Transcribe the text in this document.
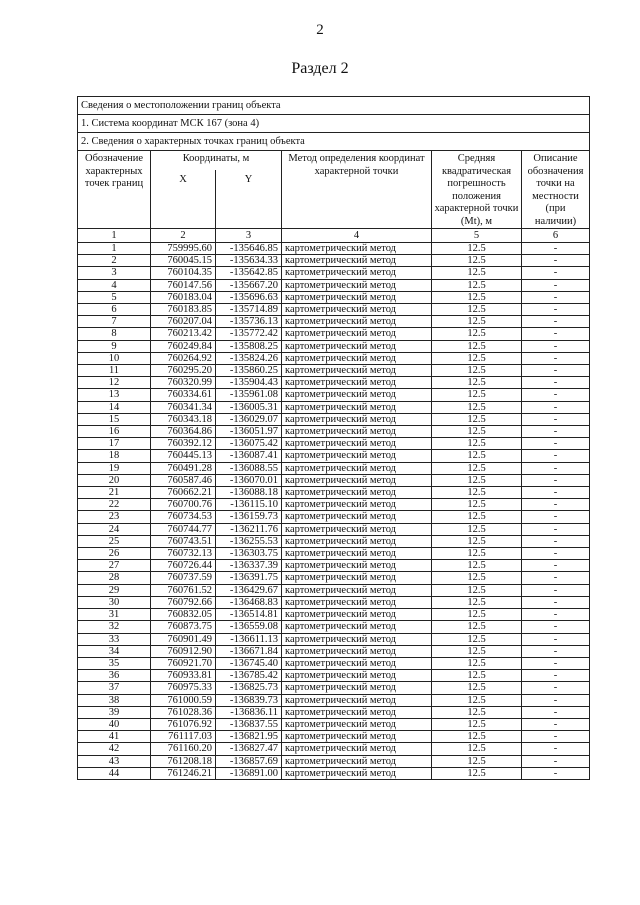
2
Раздел 2
Сведения о местоположении границ объекта					
1. Система координат МСК 167 (зона 4)					
2. Сведения о характерных точках границ объекта					
Обозначение характерных точек границ	Координаты, м		Метод определения координат характерной точки	Средняя квадратическая погрешность положения характерной точки (Mt), м	Описание обозначения точки на местности (при наличии)
	X	Y			
1	2	3	4	5	6
1	759995.60	-135646.85	картометрический метод	12.5	-
2	760045.15	-135634.33	картометрический метод	12.5	-
3	760104.35	-135642.85	картометрический метод	12.5	-
4	760147.56	-135667.20	картометрический метод	12.5	-
5	760183.04	-135696.63	картометрический метод	12.5	-
6	760183.85	-135714.89	картометрический метод	12.5	-
7	760207.04	-135736.13	картометрический метод	12.5	-
8	760213.42	-135772.42	картометрический метод	12.5	-
9	760249.84	-135808.25	картометрический метод	12.5	-
10	760264.92	-135824.26	картометрический метод	12.5	-
11	760295.20	-135860.25	картометрический метод	12.5	-
12	760320.99	-135904.43	картометрический метод	12.5	-
13	760334.61	-135961.08	картометрический метод	12.5	-
14	760341.34	-136005.31	картометрический метод	12.5	-
15	760343.18	-136029.07	картометрический метод	12.5	-
16	760364.86	-136051.97	картометрический метод	12.5	-
17	760392.12	-136075.42	картометрический метод	12.5	-
18	760445.13	-136087.41	картометрический метод	12.5	-
19	760491.28	-136088.55	картометрический метод	12.5	-
20	760587.46	-136070.01	картометрический метод	12.5	-
21	760662.21	-136088.18	картометрический метод	12.5	-
22	760700.76	-136115.10	картометрический метод	12.5	-
23	760734.53	-136159.73	картометрический метод	12.5	-
24	760744.77	-136211.76	картометрический метод	12.5	-
25	760743.51	-136255.53	картометрический метод	12.5	-
26	760732.13	-136303.75	картометрический метод	12.5	-
27	760726.44	-136337.39	картометрический метод	12.5	-
28	760737.59	-136391.75	картометрический метод	12.5	-
29	760761.52	-136429.67	картометрический метод	12.5	-
30	760792.66	-136468.83	картометрический метод	12.5	-
31	760832.05	-136514.81	картометрический метод	12.5	-
32	760873.75	-136559.08	картометрический метод	12.5	-
33	760901.49	-136611.13	картометрический метод	12.5	-
34	760912.90	-136671.84	картометрический метод	12.5	-
35	760921.70	-136745.40	картометрический метод	12.5	-
36	760933.81	-136785.42	картометрический метод	12.5	-
37	760975.33	-136825.73	картометрический метод	12.5	-
38	761000.59	-136839.73	картометрический метод	12.5	-
39	761028.36	-136836.11	картометрический метод	12.5	-
40	761076.92	-136837.55	картометрический метод	12.5	-
41	761117.03	-136821.95	картометрический метод	12.5	-
42	761160.20	-136827.47	картометрический метод	12.5	-
43	761208.18	-136857.69	картометрический метод	12.5	-
44	761246.21	-136891.00	картометрический метод	12.5	-
